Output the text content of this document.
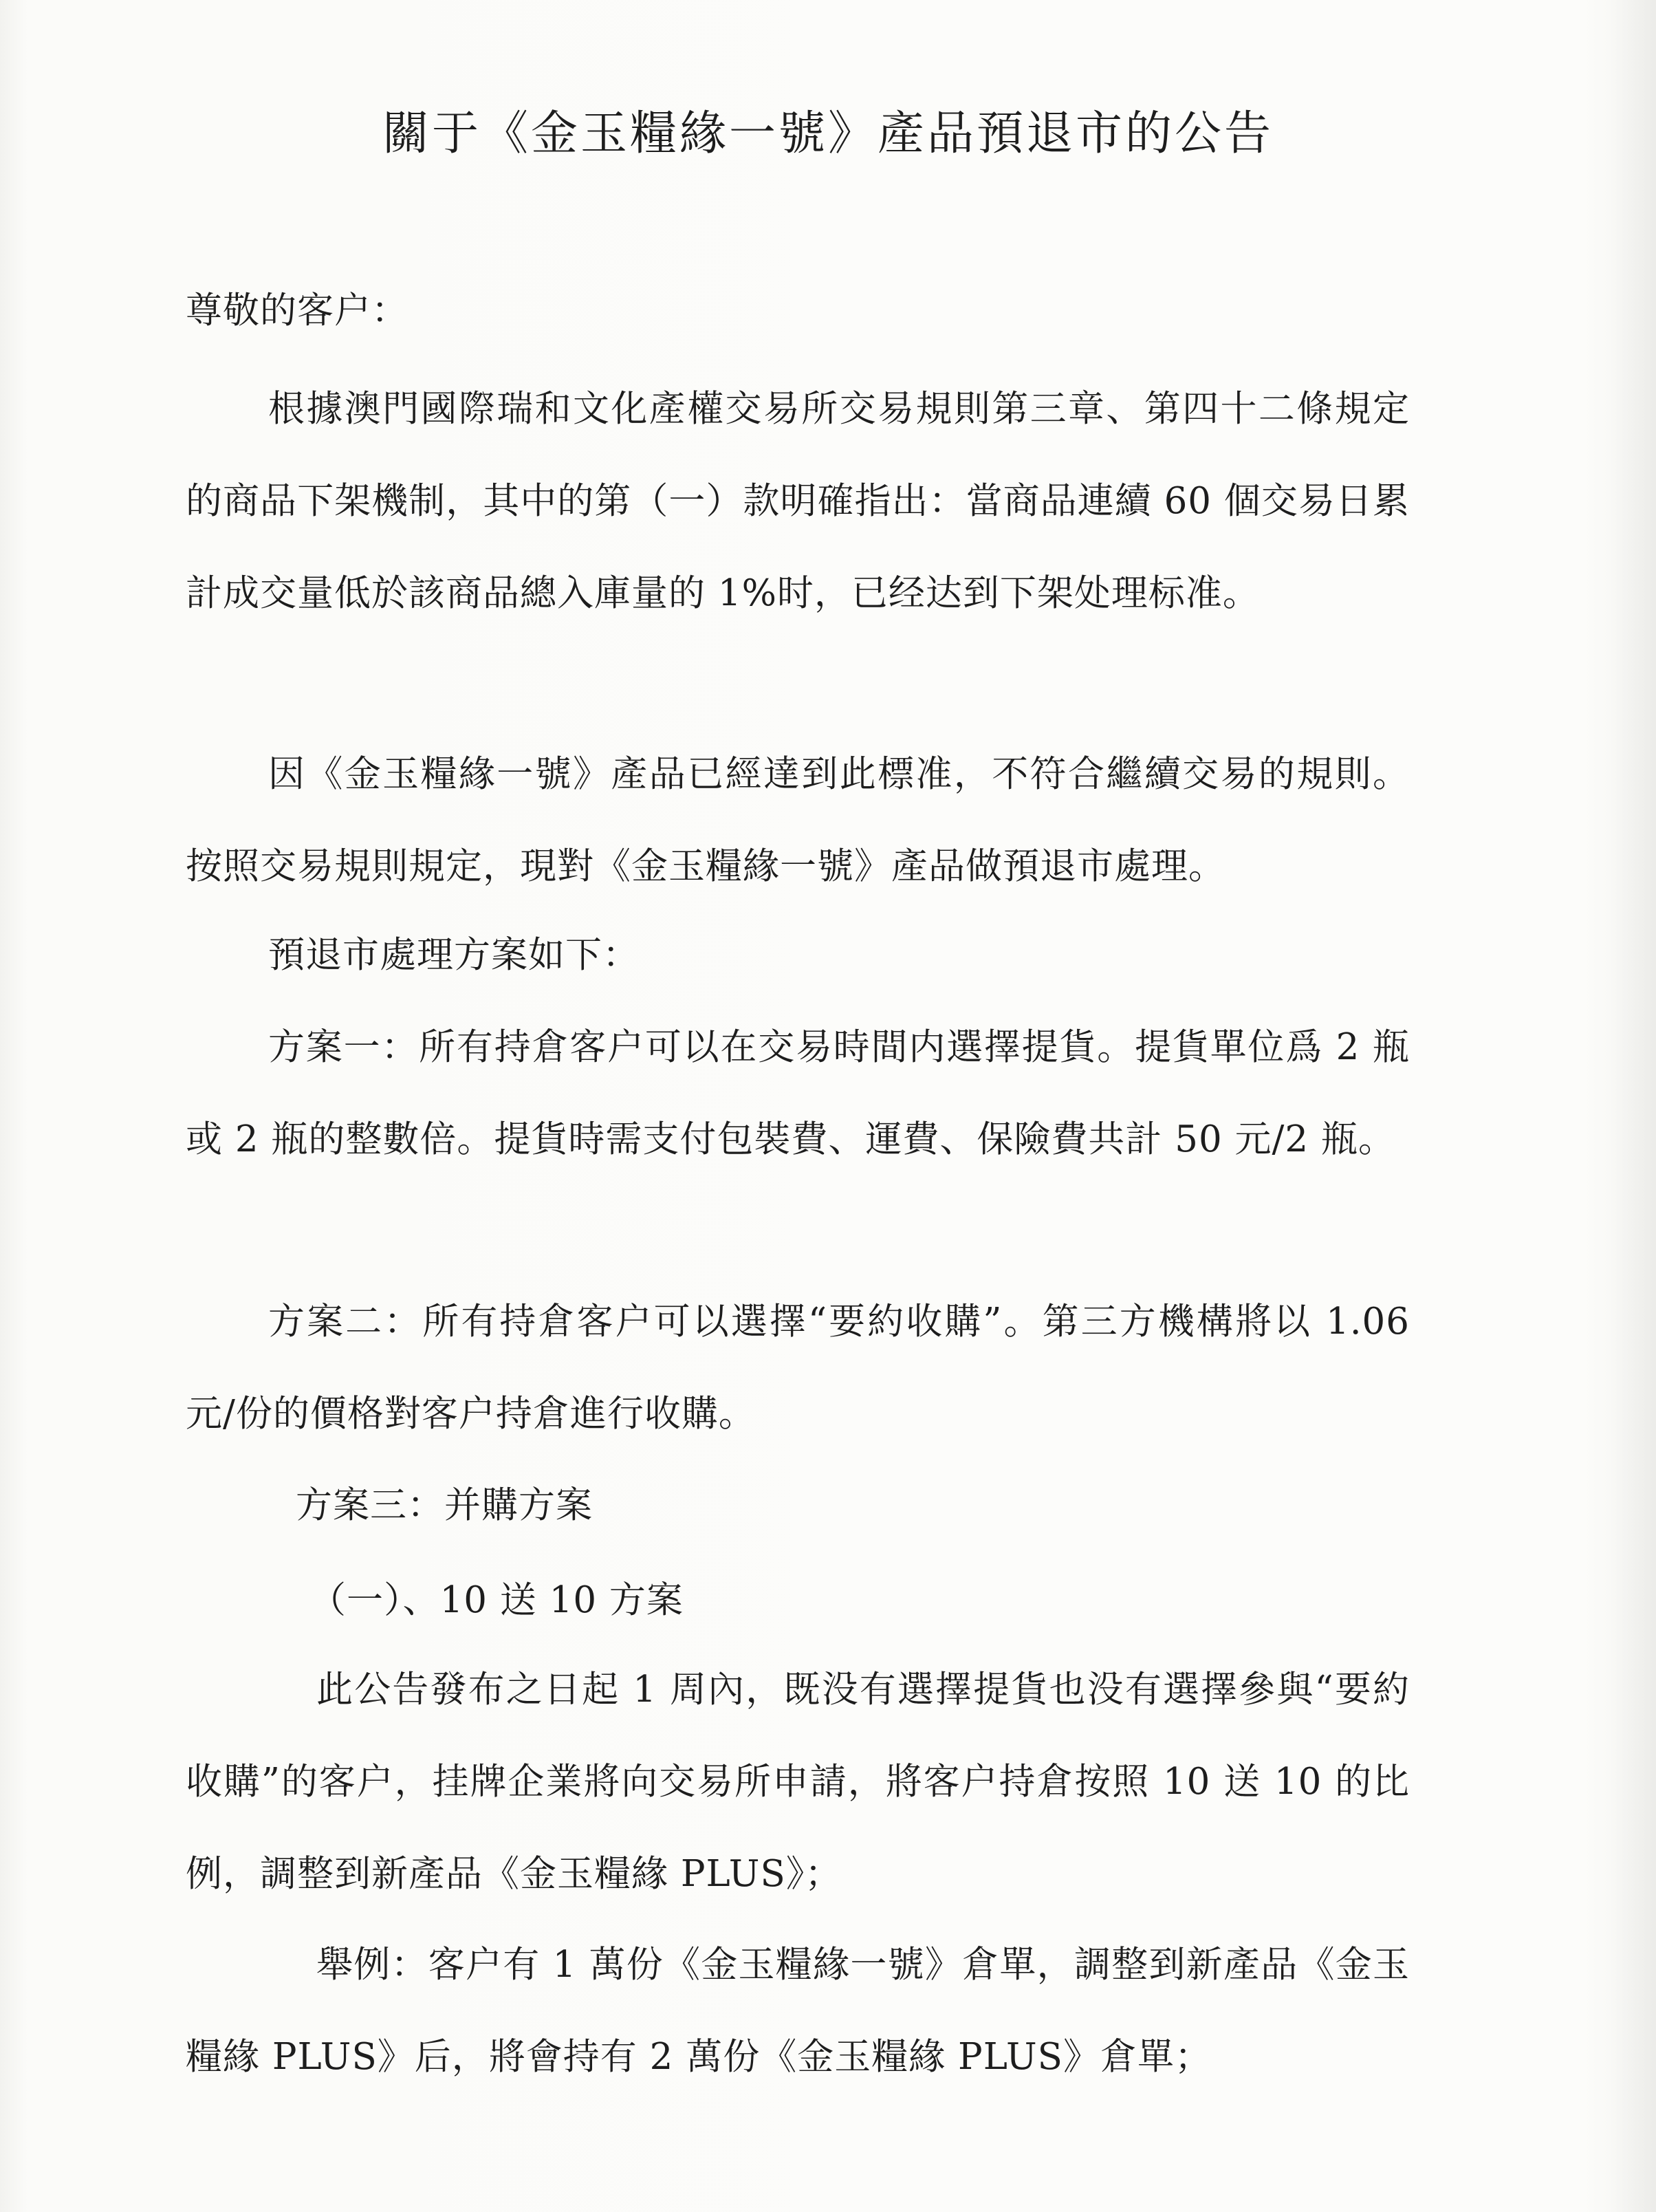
關于《金玉糧緣一號》產品預退市的公告
尊敬的客户：
根據澳門國際瑞和文化產權交易所交易規則第三章、第四十二條規定的商品下架機制，其中的第（一）款明確指出：當商品連續 60 個交易日累計成交量低於該商品總入庫量的 1%时，已经达到下架处理标准。
因《金玉糧緣一號》產品已經達到此標准，不符合繼續交易的規則。按照交易規則規定，現對《金玉糧緣一號》產品做預退市處理。
預退市處理方案如下：
方案一：所有持倉客户可以在交易時間内選擇提貨。提貨單位爲 2 瓶或 2 瓶的整數倍。提貨時需支付包裝費、運費、保險費共計 50 元/2 瓶。
方案二：所有持倉客户可以選擇“要約收購”。第三方機構將以 1.06 元/份的價格對客户持倉進行收購。
方案三：并購方案
（一）、10 送 10 方案
此公告發布之日起 1 周內，既没有選擇提貨也没有選擇參與“要約收購”的客户，挂牌企業將向交易所申請，將客户持倉按照 10 送 10 的比例，調整到新產品《金玉糧緣 PLUS》；
舉例：客户有 1 萬份《金玉糧緣一號》倉單，調整到新產品《金玉糧緣 PLUS》后，將會持有 2 萬份《金玉糧緣 PLUS》倉單；
